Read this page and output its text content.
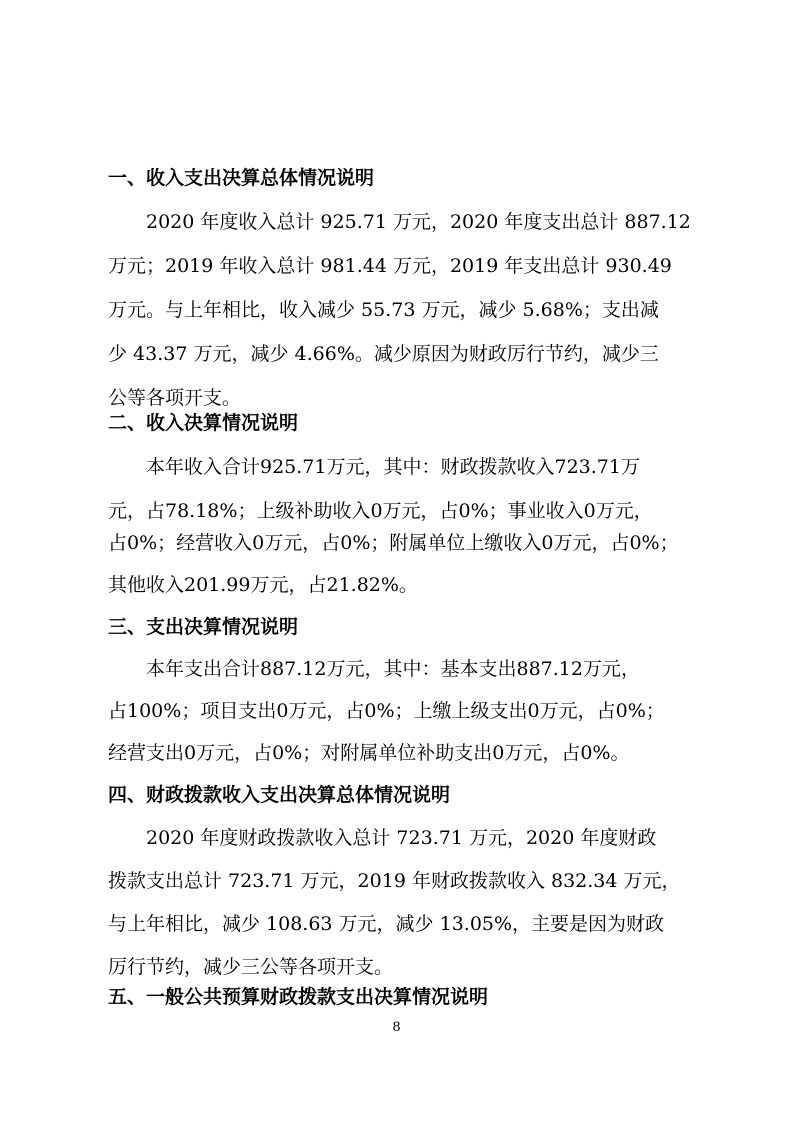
一、收入支出决算总体情况说明
2020 年度收入总计 925.71 万元，2020 年度支出总计 887.12
万元；2019 年收入总计 981.44 万元，2019 年支出总计 930.49
万元。与上年相比，收入减少 55.73 万元，减少 5.68%；支出减
少 43.37 万元，减少 4.66%。减少原因为财政厉行节约，减少三
公等各项开支。
二、收入决算情况说明
本年收入合计925.71万元，其中：财政拨款收入723.71万
元，占78.18%；上级补助收入0万元，占0%；事业收入0万元，
占0%；经营收入0万元，占0%；附属单位上缴收入0万元，占0%；
其他收入201.99万元，占21.82%。
三、支出决算情况说明
本年支出合计887.12万元，其中：基本支出887.12万元，
占100%；项目支出0万元，占0%；上缴上级支出0万元，占0%；
经营支出0万元，占0%；对附属单位补助支出0万元，占0%。
四、财政拨款收入支出决算总体情况说明
2020 年度财政拨款收入总计 723.71 万元，2020 年度财政
拨款支出总计 723.71 万元，2019 年财政拨款收入 832.34 万元，
与上年相比，减少 108.63 万元，减少 13.05%，主要是因为财政
厉行节约，减少三公等各项开支。
五、一般公共预算财政拨款支出决算情况说明
8
